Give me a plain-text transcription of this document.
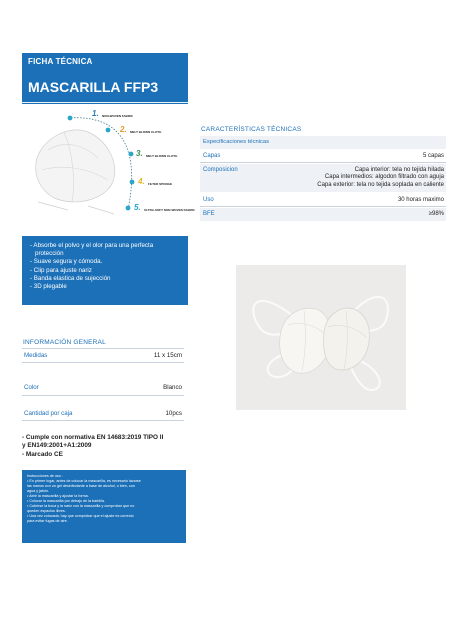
FICHA TÉCNICA
MASCARILLA FFP3
1. NON-WOVEN FABRIC
2. MELT BLOWN CLOTH
3. MELT BLOWN CLOTH
4. FILTER SPONGE
5. ULTRA-SOFT NON-WOVEN FABRIC
- Absorbe el polvo y el olor para una perfecta
protección
- Suave segura y cómoda.
- Clip para ajuste nariz
- Banda elastica de sujección
- 3D plegable
CARACTERÍSTICAS TÉCNICAS
Especificaciones técnicas
Capas	5 capas
Composicion	Capa interior: tela no tejida hilada
Capa intermedios: algodon filtrado con aguja
Capa exterior: tela no tejida soplada en caliente
Uso	30 horas maximo
BFE	≥98%
INFORMACIÓN GENERAL
Medidas	11 x 15cm
Color	Blanco
Cantidad por caja	10pcs
- Cumple con normativa EN 14683:2019 TIPO II
y EN149:2001+A1:2009
- Marcado CE
Instrucciones de uso :
• En primer lugar, antes de colocar la mascarilla, es necesario lavarse
las manos con un gel desinfectante a base de alcohol, o bien, con
agua y jabón.
• Abrir la mascarilla y ajustar la forma.
• Colocar la mascarilla por debajo de la barbilla.
• Cubrirse la boca y la nariz con la mascarilla y comprobar que no
queden espacios libres.
• Una vez colocada, hay que comprobar que el ajuste es correcto
para evitar fugas de aire.
